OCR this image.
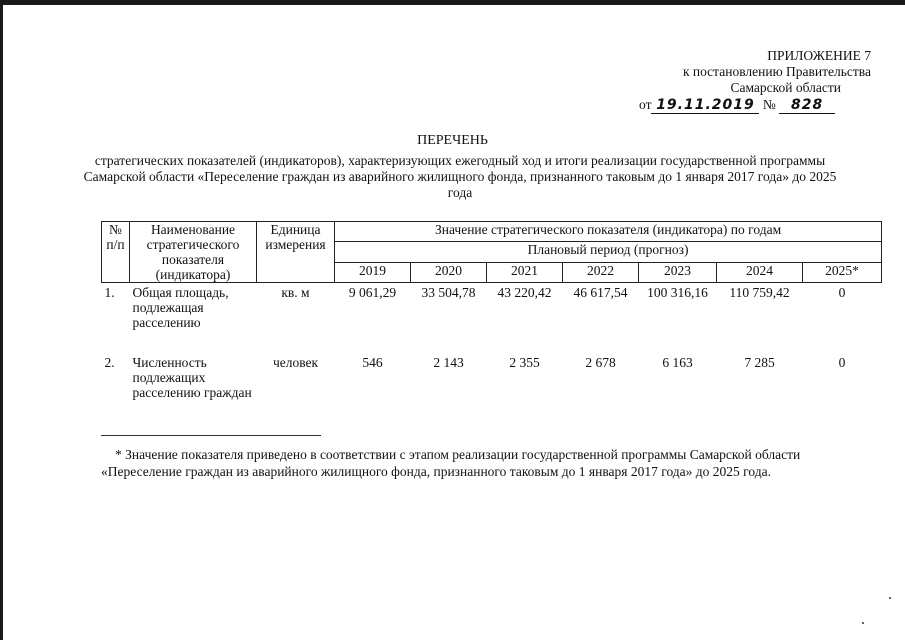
ПРИЛОЖЕНИЕ 7
к постановлению Правительства
Самарской области
от 19.11.2019 № 828
ПЕРЕЧЕНЬ
стратегических показателей (индикаторов), характеризующих ежегодный ход и итоги реализации государственной программы Самарской области «Переселение граждан из аварийного жилищного фонда, признанного таковым до 1 января 2017 года» до 2025 года
№ п/п	Наименование стратегического показателя (индикатора)	Единица измерения	Значение стратегического показателя (индикатора) по годам						
			Плановый период (прогноз)						
			2019	2020	2021	2022	2023	2024	2025*
1.	Общая площадь, подлежащая расселению	кв. м	9 061,29	33 504,78	43 220,42	46 617,54	100 316,16	110 759,42	0
2.	Численность подлежащих расселению граждан	человек	546	2 143	2 355	2 678	6 163	7 285	0
* Значение показателя приведено в соответствии с этапом реализации государственной программы Самарской области «Переселение граждан из аварийного жилищного фонда, признанного таковым до 1 января 2017 года» до 2025 года.
